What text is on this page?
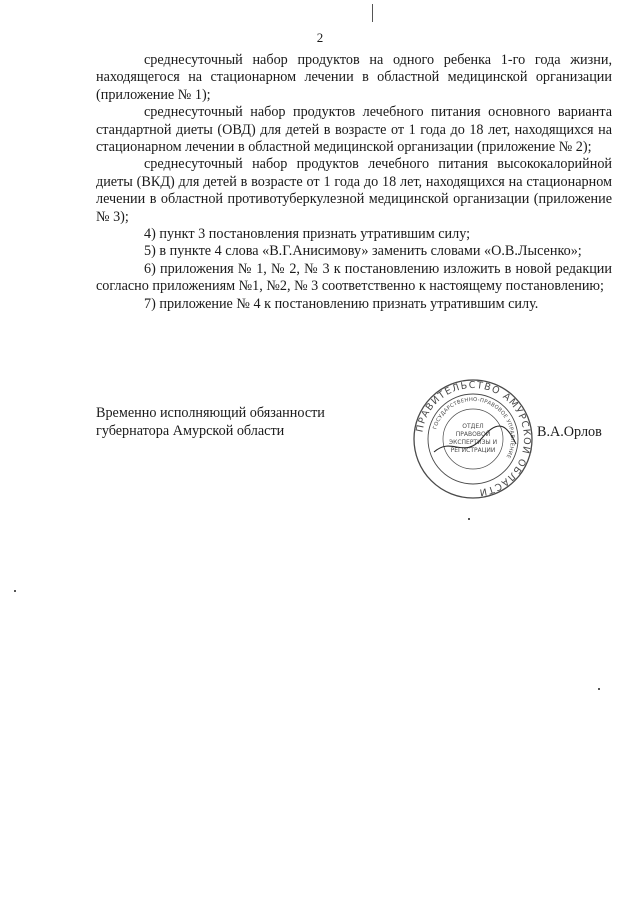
2

среднесуточный набор продуктов на одного ребенка 1-го года жизни, находящегося на стационарном лечении в областной медицинской организации (приложение № 1);

среднесуточный набор продуктов лечебного питания основного варианта стандартной диеты (ОВД) для детей в возрасте от 1 года до 18 лет, находящихся на стационарном лечении в областной медицинской организации (приложение № 2);

среднесуточный набор продуктов лечебного питания высококалорийной диеты (ВКД) для детей в возрасте от 1 года до 18 лет, находящихся на стационарном лечении в областной противотуберкулезной медицинской организации (приложение № 3);

4) пункт 3 постановления признать утратившим силу;

5) в пункте 4 слова «В.Г.Анисимову» заменить словами «О.В.Лысенко»;

6) приложения № 1, № 2, № 3 к постановлению изложить в новой редакции согласно приложениям №1, №2, № 3 соответственно к настоящему постановлению;

7) приложение № 4 к постановлению признать утратившим силу.

Временно исполняющий обязанности
губернатора Амурской области	ПРАВИТЕЛЬСТВО АМУРСКОЙ ОБЛАСТИ
ГОСУДАРСТВЕННО-ПРАВОВОЕ УПРАВЛЕНИЕ
ОТДЕЛ
ПРАВОВОЙ
ЭКСПЕРТИЗЫ И
РЕГИСТРАЦИИ
В.А.Орлов
